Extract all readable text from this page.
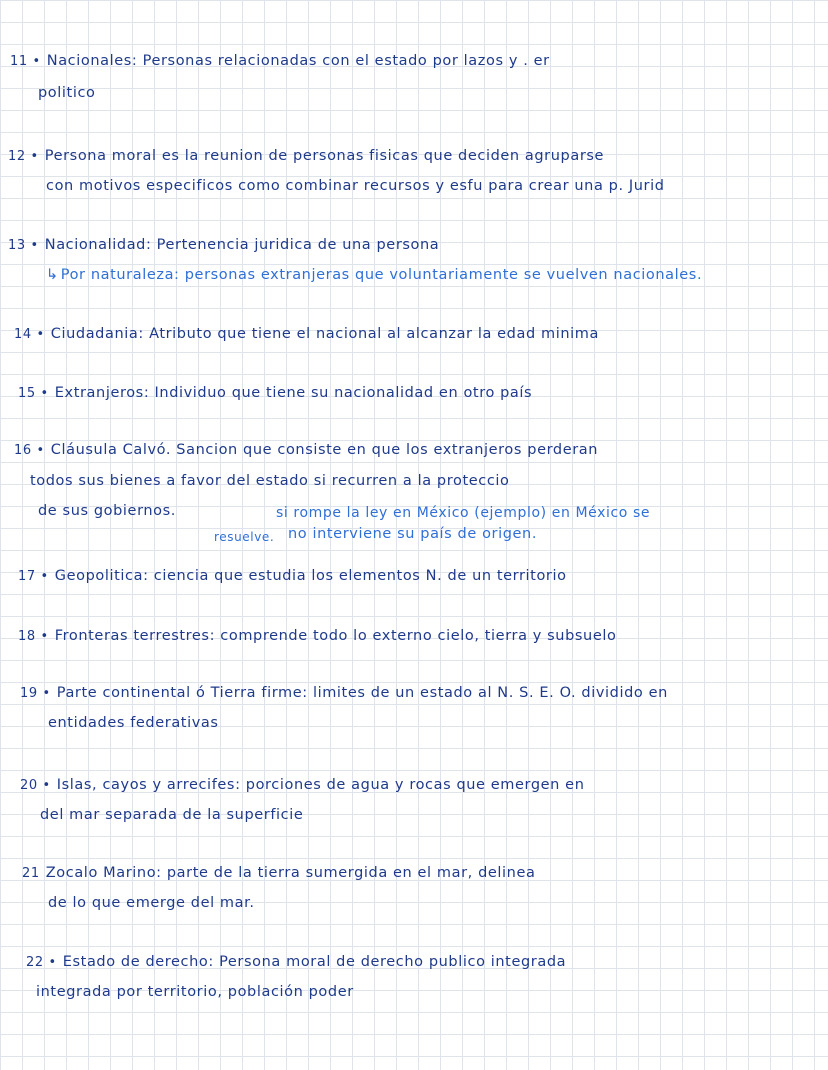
11 • Nacionales: Personas relacionadas con el estado por lazos y . er
politico
12 • Persona moral es la reunion de personas fisicas que deciden agruparse
con motivos especificos como combinar recursos y esfu para crear una p. Jurid
13 • Nacionalidad: Pertenencia juridica de una persona
↳ Por naturaleza: personas extranjeras que voluntariamente se vuelven nacionales.
14 • Ciudadania: Atributo que tiene el nacional al alcanzar la edad minima
15 • Extranjeros: Individuo que tiene su nacionalidad en otro país
16 • Cláusula Calvó. Sancion que consiste en que los extranjeros perderan
todos sus bienes a favor del estado si recurren a la proteccio
de sus gobiernos.	si rompe la ley en México (ejemplo) en México se
resuelve. no interviene su país de origen.
17 • Geopolitica: ciencia que estudia los elementos N. de un territorio
18 • Fronteras terrestres: comprende todo lo externo cielo, tierra y subsuelo
19 • Parte continental ó Tierra firme: limites de un estado al N. S. E. O. dividido en
entidades federativas
20 • Islas, cayos y arrecifes: porciones de agua y rocas que emergen en
del mar separada de la superficie
21 Zocalo Marino: parte de la tierra sumergida en el mar, delinea
de lo que emerge del mar.
22 • Estado de derecho: Persona moral de derecho publico integrada
integrada por territorio, población poder
